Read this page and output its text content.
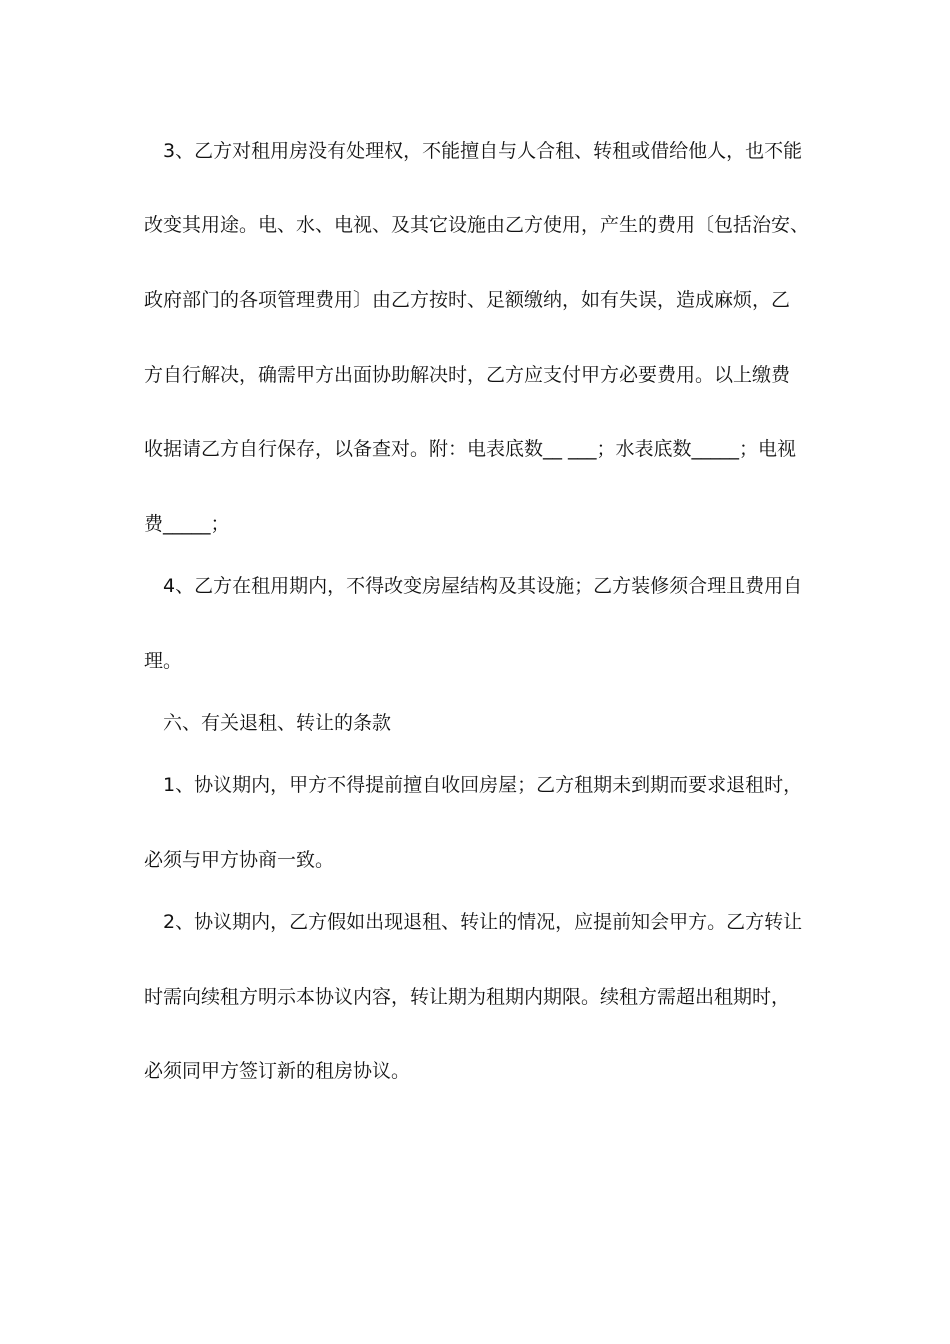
3、乙方对租用房没有处理权，不能擅自与人合租、转租或借给他人，也不能
改变其用途。电、水、电视、及其它设施由乙方使用，产生的费用〔包括治安、
政府部门的各项管理费用〕由乙方按时、足额缴纳，如有失误，造成麻烦，乙
方自行解决，确需甲方出面协助解决时，乙方应支付甲方必要费用。以上缴费
收据请乙方自行保存，以备查对。附：电表底数__ ___；水表底数_____；电视
费_____；
4、乙方在租用期内，不得改变房屋结构及其设施；乙方装修须合理且费用自
理。
六、有关退租、转让的条款
1、协议期内，甲方不得提前擅自收回房屋；乙方租期未到期而要求退租时，
必须与甲方协商一致。
2、协议期内，乙方假如出现退租、转让的情况，应提前知会甲方。乙方转让
时需向续租方明示本协议内容，转让期为租期内期限。续租方需超出租期时，
必须同甲方签订新的租房协议。
